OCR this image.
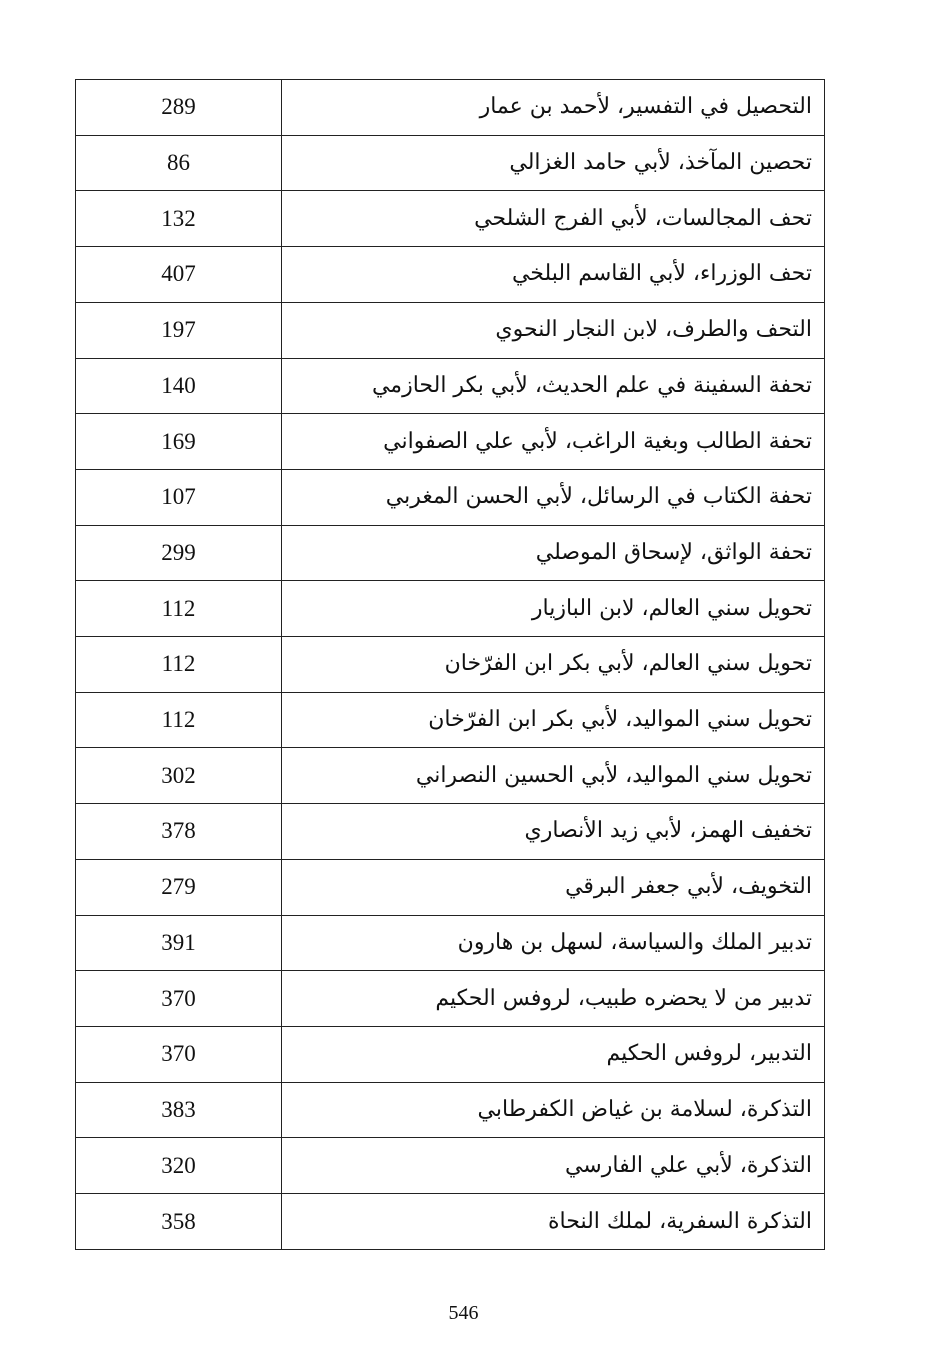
التحصيل في التفسير، لأحمد بن عمار	289
تحصين المآخذ، لأبي حامد الغزالي	86
تحف المجالسات، لأبي الفرج الشلحي	132
تحف الوزراء، لأبي القاسم البلخي	407
التحف والطرف، لابن النجار النحوي	197
تحفة السفينة في علم الحديث، لأبي بكر الحازمي	140
تحفة الطالب وبغية الراغب، لأبي علي الصفواني	169
تحفة الكتاب في الرسائل، لأبي الحسن المغربي	107
تحفة الواثق، لإسحاق الموصلي	299
تحويل سني العالم، لابن البازيار	112
تحويل سني العالم، لأبي بكر ابن الفرّخان	112
تحويل سني المواليد، لأبي بكر ابن الفرّخان	112
تحويل سني المواليد، لأبي الحسين النصراني	302
تخفيف الهمز، لأبي زيد الأنصاري	378
التخويف، لأبي جعفر البرقي	279
تدبير الملك والسياسة، لسهل بن هارون	391
تدبير من لا يحضره طبيب، لروفس الحكيم	370
التدبير، لروفس الحكيم	370
التذكرة، لسلامة بن غياض الكفرطابي	383
التذكرة، لأبي علي الفارسي	320
التذكرة السفرية، لملك النحاة	358
546
